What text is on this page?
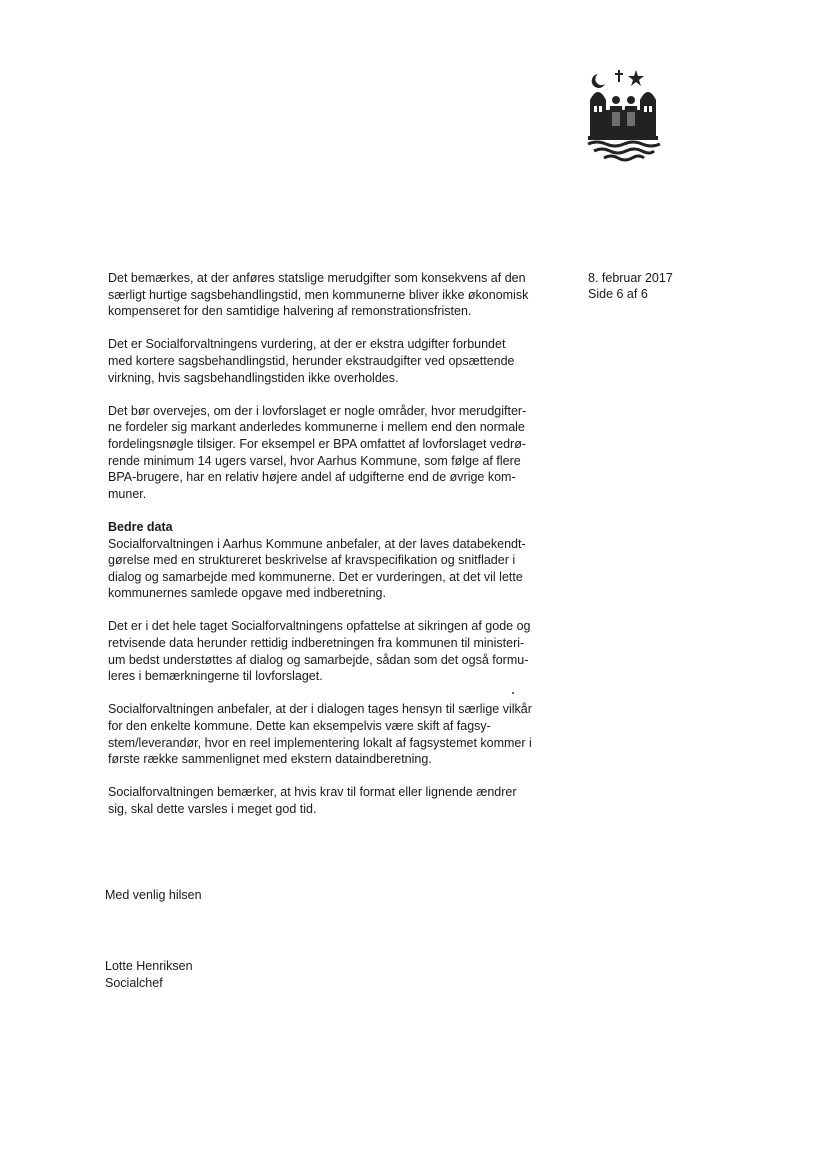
8. februar 2017
Side 6 af 6
Det bemærkes, at der anføres statslige merudgifter som konsekvens af den
særligt hurtige sagsbehandlingstid, men kommunerne bliver ikke økonomisk
kompenseret for den samtidige halvering af remonstrationsfristen.
Det er Socialforvaltningens vurdering, at der er ekstra udgifter forbundet
med kortere sagsbehandlingstid, herunder ekstraudgifter ved opsættende
virkning, hvis sagsbehandlingstiden ikke overholdes.
Det bør overvejes, om der i lovforslaget er nogle områder, hvor merudgifter-
ne fordeler sig markant anderledes kommunerne i mellem end den normale
fordelingsnøgle tilsiger. For eksempel er BPA omfattet af lovforslaget vedrø-
rende minimum 14 ugers varsel, hvor Aarhus Kommune, som følge af flere
BPA-brugere, har en relativ højere andel af udgifterne end de øvrige kom-
muner.
Bedre data
Socialforvaltningen i Aarhus Kommune anbefaler, at der laves databekendt-
gørelse med en struktureret beskrivelse af kravspecifikation og snitflader i
dialog og samarbejde med kommunerne. Det er vurderingen, at det vil lette
kommunernes samlede opgave med indberetning.
Det er i det hele taget Socialforvaltningens opfattelse at sikringen af gode og
retvisende data herunder rettidig indberetningen fra kommunen til ministeri-
um bedst understøttes af dialog og samarbejde, sådan som det også formu-
leres i bemærkningerne til lovforslaget.
Socialforvaltningen anbefaler, at der i dialogen tages hensyn til særlige vilkår
for den enkelte kommune. Dette kan eksempelvis være skift af fagsy-
stem/leverandør, hvor en reel implementering lokalt af fagsystemet kommer i
første række sammenlignet med ekstern dataindberetning.
Socialforvaltningen bemærker, at hvis krav til format eller lignende ændrer
sig, skal dette varsles i meget god tid.
Med venlig hilsen
Lotte Henriksen
Socialchef
